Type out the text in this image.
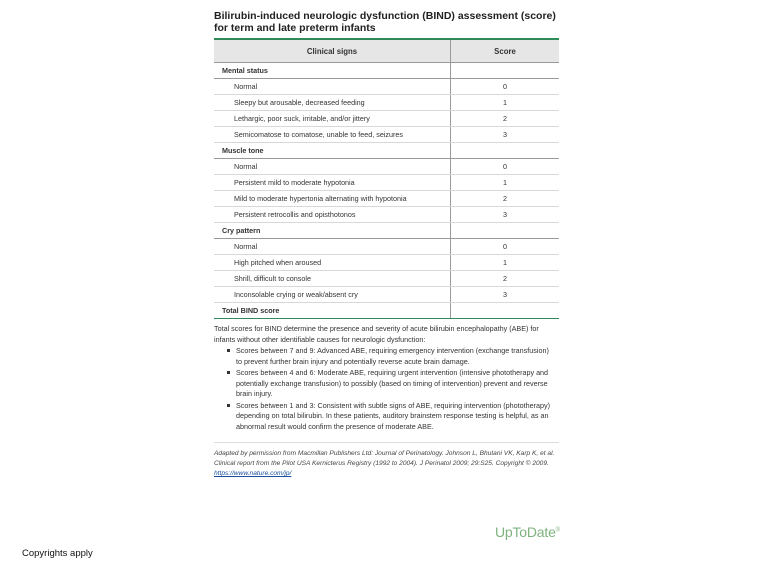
Bilirubin-induced neurologic dysfunction (BIND) assessment (score) for term and late preterm infants
Clinical signs	Score
Mental status	
Normal	0
Sleepy but arousable, decreased feeding	1
Lethargic, poor suck, irritable, and/or jittery	2
Semicomatose to comatose, unable to feed, seizures	3
Muscle tone	
Normal	0
Persistent mild to moderate hypotonia	1
Mild to moderate hypertonia alternating with hypotonia	2
Persistent retrocollis and opisthotonos	3
Cry pattern	
Normal	0
High pitched when aroused	1
Shrill, difficult to console	2
Inconsolable crying or weak/absent cry	3
Total BIND score	
Total scores for BIND determine the presence and severity of acute bilirubin encephalopathy (ABE) for infants without other identifiable causes for neurologic dysfunction:
Scores between 7 and 9: Advanced ABE, requiring emergency intervention (exchange transfusion) to prevent further brain injury and potentially reverse acute brain damage.
Scores between 4 and 6: Moderate ABE, requiring urgent intervention (intensive phototherapy and potentially exchange transfusion) to possibly (based on timing of intervention) prevent and reverse brain injury.
Scores between 1 and 3: Consistent with subtle signs of ABE, requiring intervention (phototherapy) depending on total bilirubin. In these patients, auditory brainstem response testing is helpful, as an abnormal result would confirm the presence of moderate ABE.
Adapted by permission from Macmillan Publishers Ltd: Journal of Perinatology. Johnson L, Bhutani VK, Karp K, et al. Clinical report from the Pilot USA Kernicterus Registry (1992 to 2004). J Perinatol 2009; 29:S25. Copyright © 2009. https://www.nature.com/jp/
UpToDate®
Copyrights apply
